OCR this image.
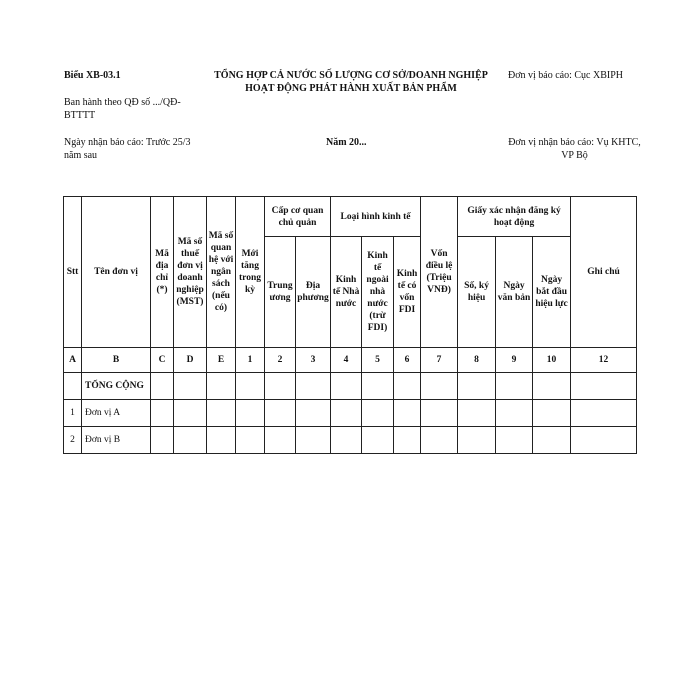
Biểu XB-03.1	TỔNG HỢP CẢ NƯỚC SỐ LƯỢNG CƠ SỞ/DOANH NGHIỆP
HOẠT ĐỘNG PHÁT HÀNH XUẤT BẢN PHẨM
Đơn vị báo cáo: Cục XBIPH
Ban hành theo QĐ số .../QĐ-BTTTT
Ngày nhận báo cáo: Trước 25/3 năm sau
Năm 20...	Đơn vị nhận báo cáo: Vụ KHTC, VP Bộ
Stt	Tên đơn vị	Mã địa chỉ (*)	Mã số thuế đơn vị doanh nghiệp (MST)	Mã số quan hệ với ngân sách (nếu có)	Mới tăng trong kỳ	Cấp cơ quan chủ quản		Loại hình kinh tế			Vốn điều lệ (Triệu VNĐ)	Giấy xác nhận đăng ký hoạt động			Ghi chú
						Trung ương	Địa phương	Kinh tế Nhà nước	Kinh tế ngoài nhà nước (trừ FDI)	Kinh tế có vốn FDI		Số, ký hiệu	Ngày văn bản	Ngày bắt đầu hiệu lực	
A	B	C	D	E	1	2	3	4	5	6	7	8	9	10	12
	TỔNG CỘNG														
1	Đơn vị A														
2	Đơn vị B														
